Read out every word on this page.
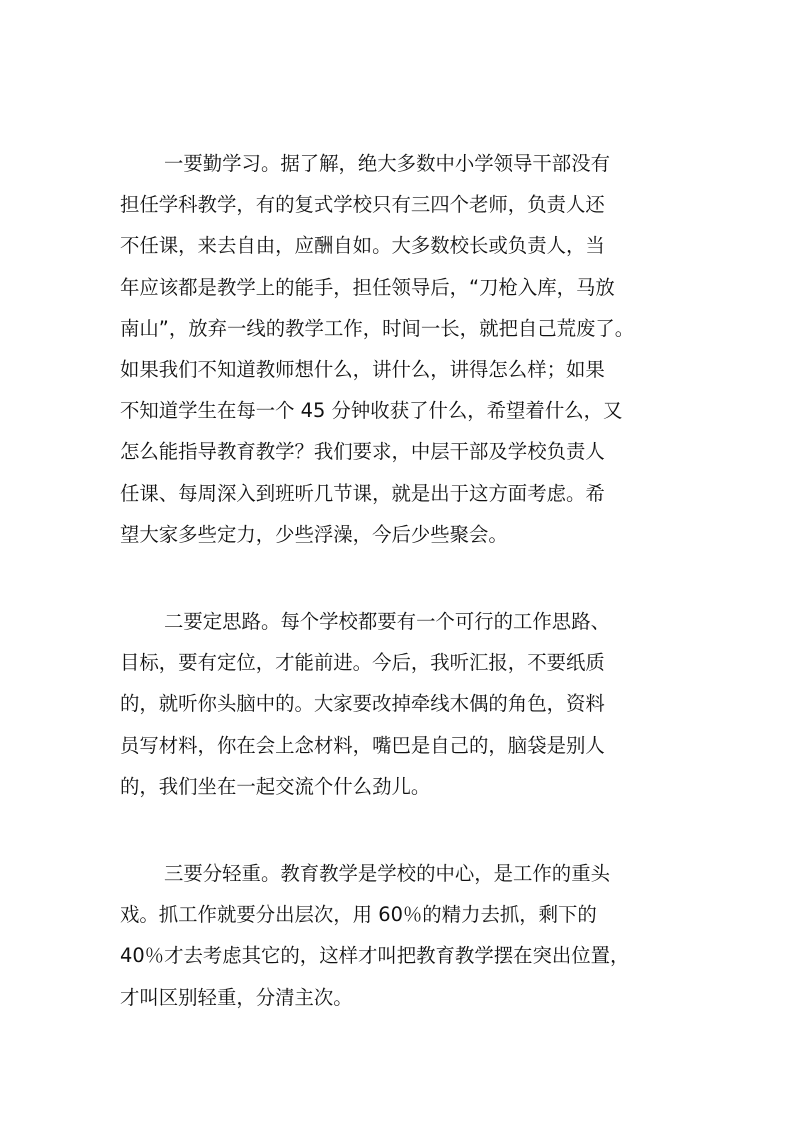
一要勤学习。据了解，绝大多数中小学领导干部没有
担任学科教学，有的复式学校只有三四个老师，负责人还
不任课，来去自由，应酬自如。大多数校长或负责人，当
年应该都是教学上的能手，担任领导后，“刀枪入库，马放
南山”，放弃一线的教学工作，时间一长，就把自己荒废了。
如果我们不知道教师想什么，讲什么，讲得怎么样；如果
不知道学生在每一个 45 分钟收获了什么，希望着什么，又
怎么能指导教育教学？我们要求，中层干部及学校负责人
任课、每周深入到班听几节课，就是出于这方面考虑。希
望大家多些定力，少些浮澡，今后少些聚会。

二要定思路。每个学校都要有一个可行的工作思路、
目标，要有定位，才能前进。今后，我听汇报，不要纸质
的，就听你头脑中的。大家要改掉牵线木偶的角色，资料
员写材料，你在会上念材料，嘴巴是自己的，脑袋是别人
的，我们坐在一起交流个什么劲儿。

三要分轻重。教育教学是学校的中心，是工作的重头
戏。抓工作就要分出层次，用 60％的精力去抓，剩下的
40％才去考虑其它的，这样才叫把教育教学摆在突出位置，
才叫区别轻重，分清主次。
